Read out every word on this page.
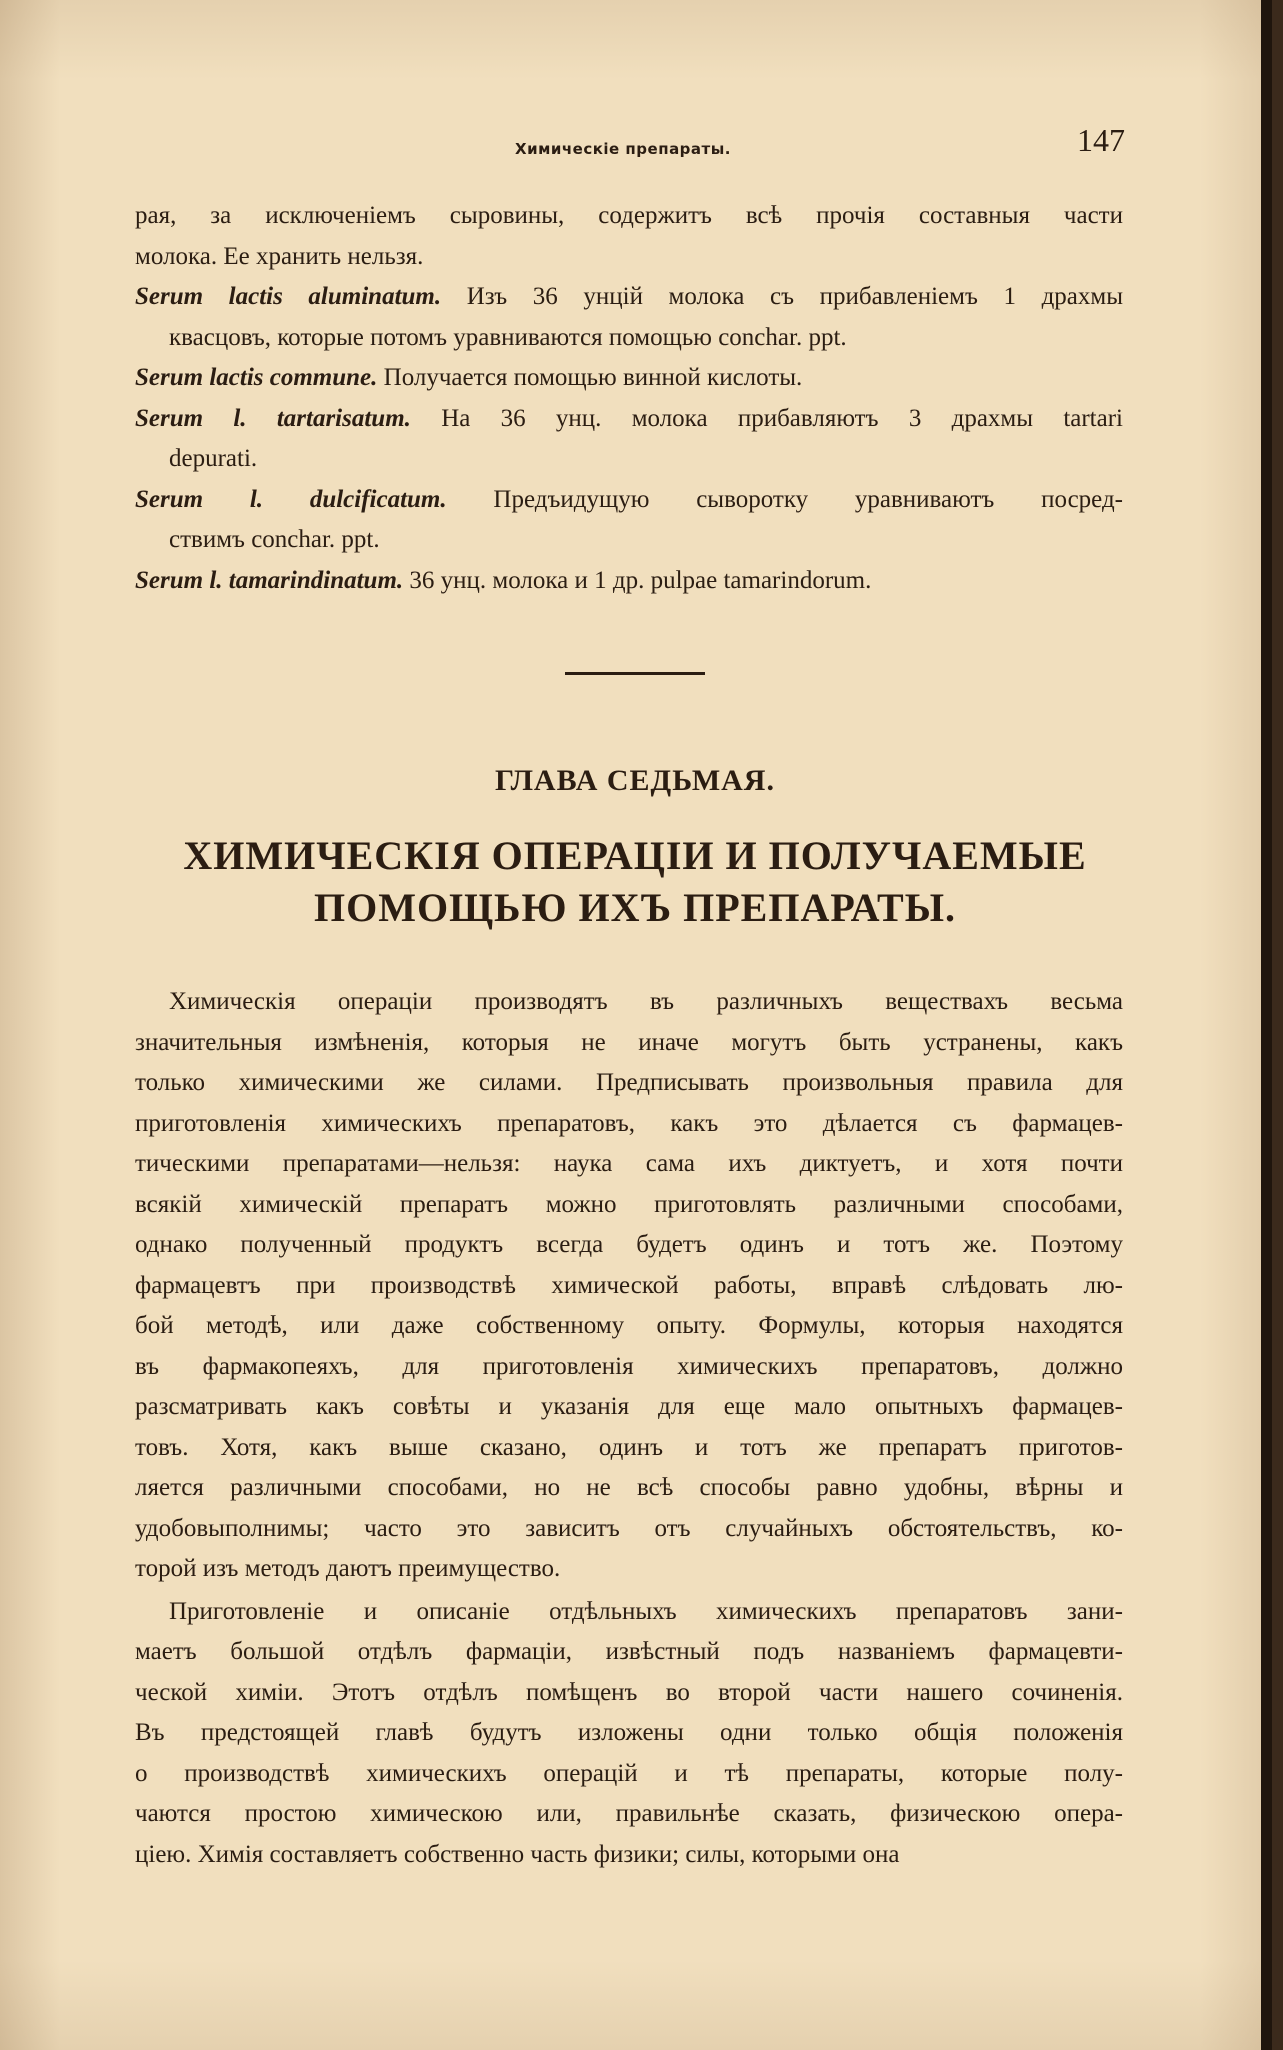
Химическіе препараты.	147
рая, за исключеніемъ сыровины, содержитъ всѣ прочія составныя части
молока. Ее хранить нельзя.
Serum lactis aluminatum. Изъ 36 унцій молока съ прибавленіемъ 1 драхмы
квасцовъ, которые потомъ уравниваются помощью conchar. ppt.
Serum lactis commune. Получается помощью винной кислоты.
Serum l. tartarisatum. На 36 унц. молока прибавляютъ 3 драхмы tartari
depurati.
Serum l. dulcificatum. Предъидущую сыворотку уравниваютъ посред-
ствимъ conchar. ppt.
Serum l. tamarindinatum. 36 унц. молока и 1 др. pulpae tamarindorum.
ГЛАВА СЕДЬМАЯ.
ХИМИЧЕСКІЯ ОПЕРАЦІИ И ПОЛУЧАЕМЫЕ
ПОМОЩЬЮ ИХЪ ПРЕПАРАТЫ.
Химическія операціи производятъ въ различныхъ веществахъ весьма
значительныя измѣненія, которыя не иначе могутъ быть устранены, какъ
только химическими же силами. Предписывать произвольныя правила для
приготовленія химическихъ препаратовъ, какъ это дѣлается съ фармацев-
тическими препаратами—нельзя: наука сама ихъ диктуетъ, и хотя почти
всякій химическій препаратъ можно приготовлять различными способами,
однако полученный продуктъ всегда будетъ одинъ и тотъ же. Поэтому
фармацевтъ при производствѣ химической работы, вправѣ слѣдовать лю-
бой методѣ, или даже собственному опыту. Формулы, которыя находятся
въ фармакопеяхъ, для приготовленія химическихъ препаратовъ, должно
разсматривать какъ совѣты и указанія для еще мало опытныхъ фармацев-
товъ. Хотя, какъ выше сказано, одинъ и тотъ же препаратъ приготов-
ляется различными способами, но не всѣ способы равно удобны, вѣрны и
удобовыполнимы; часто это зависитъ отъ случайныхъ обстоятельствъ, ко-
торой изъ методъ даютъ преимущество.
Приготовленіе и описаніе отдѣльныхъ химическихъ препаратовъ зани-
маетъ большой отдѣлъ фармаціи, извѣстный подъ названіемъ фармацевти-
ческой химіи. Этотъ отдѣлъ помѣщенъ во второй части нашего сочиненія.
Въ предстоящей главѣ будутъ изложены одни только общія положенія
о производствѣ химическихъ операцій и тѣ препараты, которые полу-
чаются простою химическою или, правильнѣе сказать, физическою опера-
ціею. Химія составляетъ собственно часть физики; силы, которыми она
